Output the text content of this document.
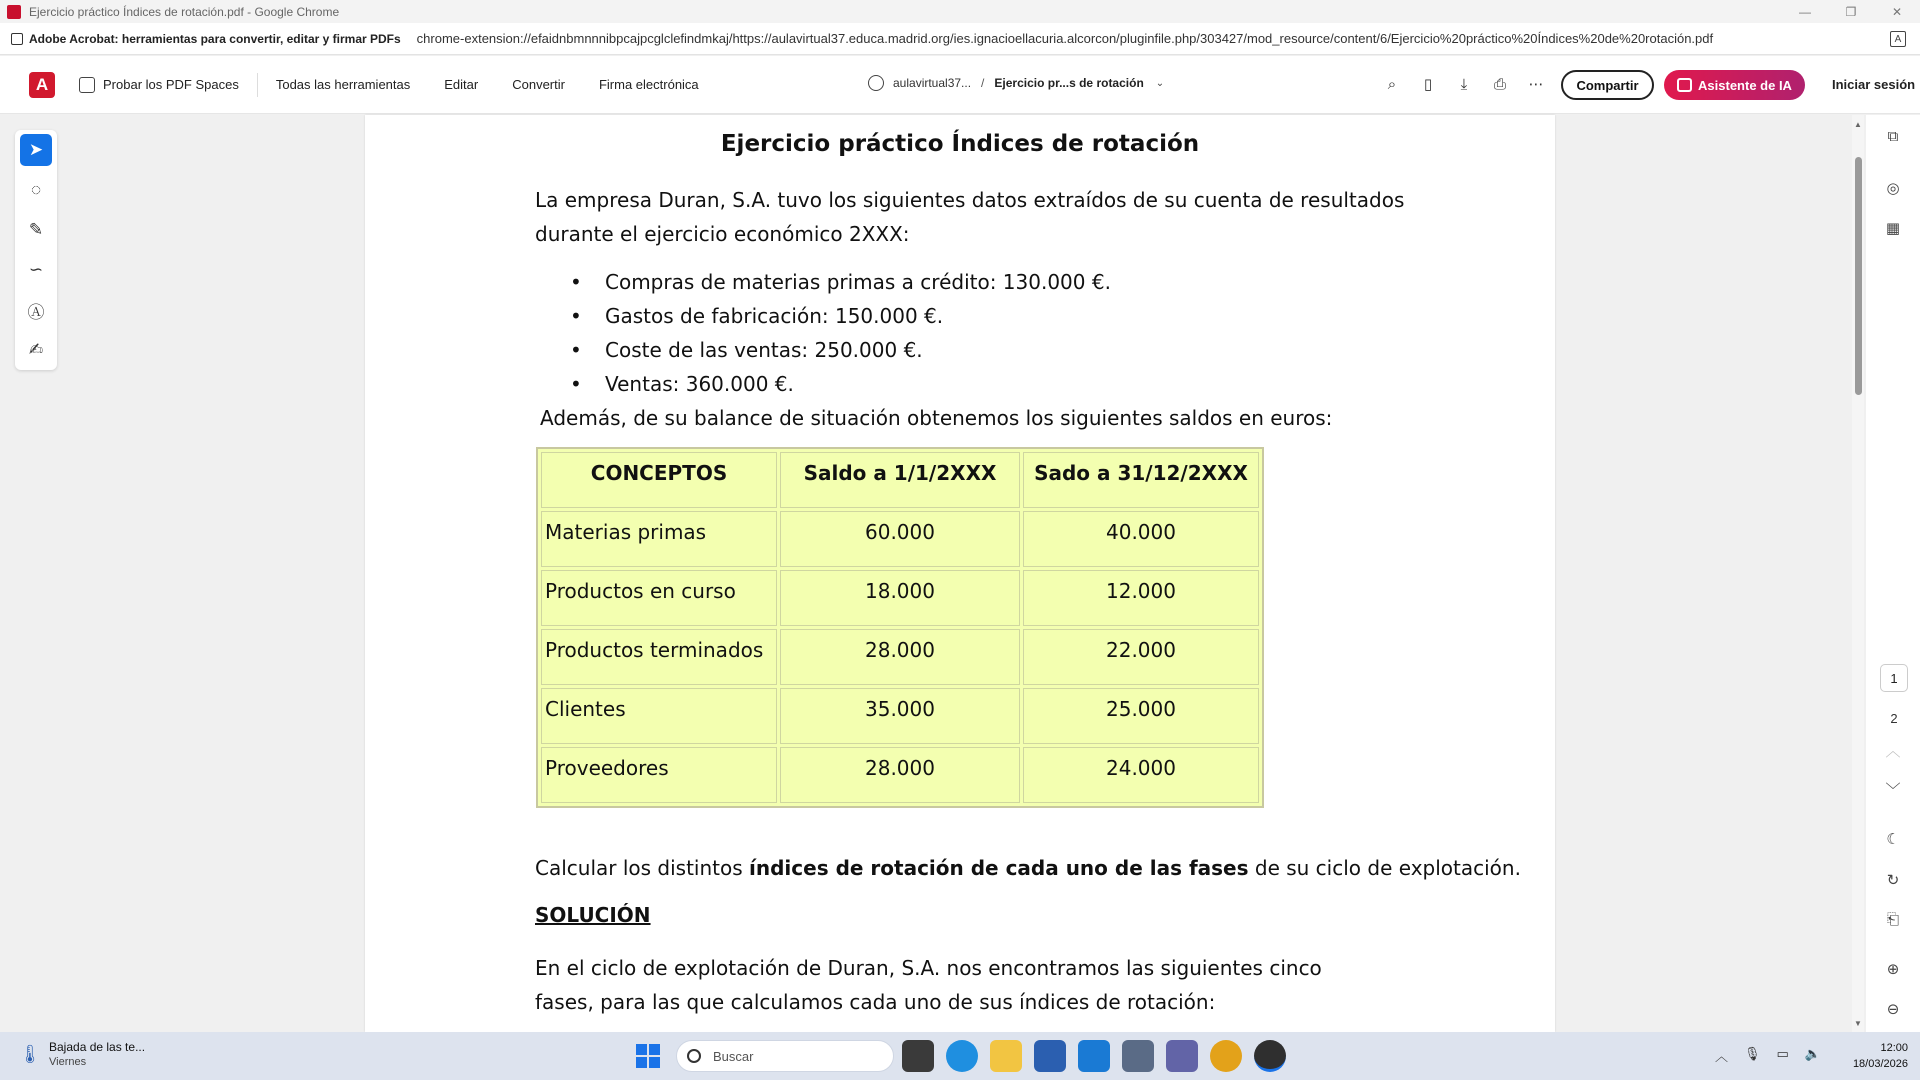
Ejercicio práctico Índices de rotación.pdf - Google Chrome	—	❐	✕
Adobe Acrobat: herramientas para convertir, editar y firmar PDFs chrome-extension://efaidnbmnnnibpcajpcglclefindmkaj/https://aulavirtual37.educa.madrid.org/ies.ignacioellacuria.alcorcon/pluginfile.php/303427/mod_resource/content/6/Ejercicio%20práctico%20Índices%20de%20rotación.pdf	A
A	Probar los PDF Spaces	Todas las herramientas	Editar	Convertir	Firma electrónica	aulavirtual37... / Ejercicio pr...s de rotación ⌄	⌕	▯	⤓	⎙	⋯	Compartir	Asistente de IA	Iniciar sesión
➤
◌
✎
∽
Ⓐ
✍
Ejercicio práctico Índices de rotación
La empresa Duran, S.A. tuvo los siguientes datos extraídos de su cuenta de resultados durante el ejercicio económico 2XXX:
• Compras de materias primas a crédito: 130.000 €.
• Gastos de fabricación: 150.000 €.
• Coste de las ventas: 250.000 €.
• Ventas: 360.000 €.
Además, de su balance de situación obtenemos los siguientes saldos en euros:
CONCEPTOS	Saldo a 1/1/2XXX	Sado a 31/12/2XXX
Materias primas	60.000	40.000
Productos en curso	18.000	12.000
Productos terminados	28.000	22.000
Clientes	35.000	25.000
Proveedores	28.000	24.000
Calcular los distintos índices de rotación de cada uno de las fases de su ciclo de explotación.
SOLUCIÓN
En el ciclo de explotación de Duran, S.A. nos encontramos las siguientes cinco fases, para las que calculamos cada uno de sus índices de rotación:
▲
▼
⧉
◎
▦
1
2
︿
﹀
☾
↻
⎗
⊕
⊖
🌡 Bajada de las te...
Viernes	Buscar	︿ 🎙 ▭ 🔈	12:00
18/03/2026
